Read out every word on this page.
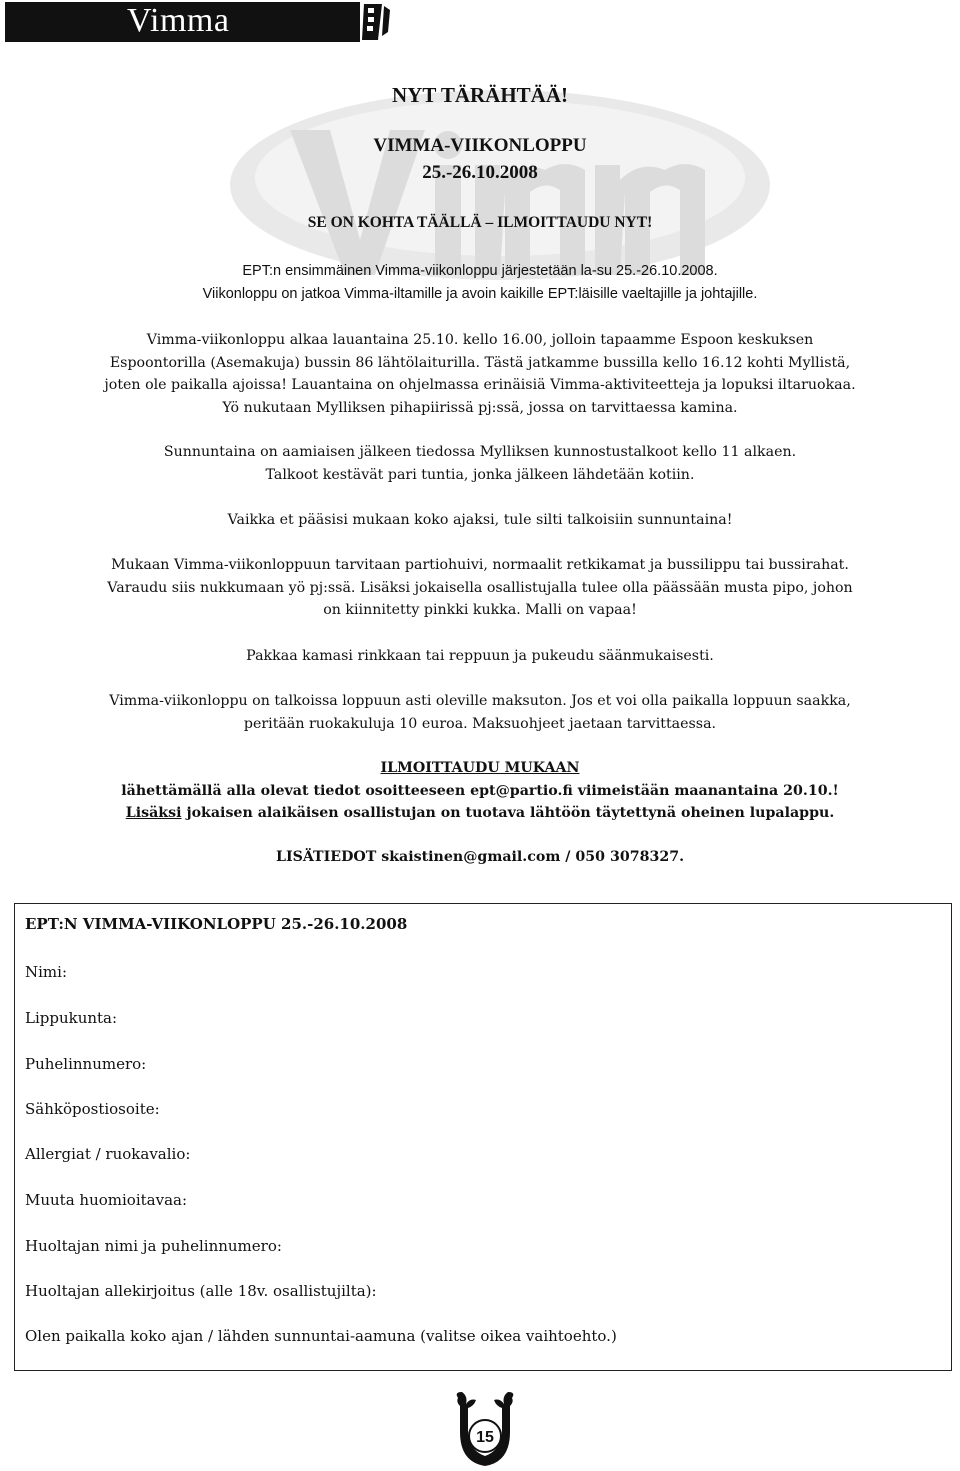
Vimma
NYT TÄRÄHTÄÄ!
VIMMA-VIIKONLOPPU
25.-26.10.2008
SE ON KOHTA TÄÄLLÄ – ILMOITTAUDU NYT!
EPT:n ensimmäinen Vimma-viikonloppu järjestetään la-su 25.-26.10.2008.
Viikonloppu on jatkoa Vimma-iltamille ja avoin kaikille EPT:läisille vaeltajille ja johtajille.
Vimma-viikonloppu alkaa lauantaina 25.10. kello 16.00, jolloin tapaamme Espoon keskuksen
Espoontorilla (Asemakuja) bussin 86 lähtölaiturilla. Tästä jatkamme bussilla kello 16.12 kohti Myllistä,
joten ole paikalla ajoissa! Lauantaina on ohjelmassa erinäisiä Vimma-aktiviteetteja ja lopuksi iltaruokaa.
Yö nukutaan Mylliksen pihapiirissä pj:ssä, jossa on tarvittaessa kamina.
Sunnuntaina on aamiaisen jälkeen tiedossa Mylliksen kunnostustalkoot kello 11 alkaen.
Talkoot kestävät pari tuntia, jonka jälkeen lähdetään kotiin.
Vaikka et pääsisi mukaan koko ajaksi, tule silti talkoisiin sunnuntaina!
Mukaan Vimma-viikonloppuun tarvitaan partiohuivi, normaalit retkikamat ja bussilippu tai bussirahat.
Varaudu siis nukkumaan yö pj:ssä. Lisäksi jokaisella osallistujalla tulee olla päässään musta pipo, johon
on kiinnitetty pinkki kukka. Malli on vapaa!
Pakkaa kamasi rinkkaan tai reppuun ja pukeudu säänmukaisesti.
Vimma-viikonloppu on talkoissa loppuun asti oleville maksuton. Jos et voi olla paikalla loppuun saakka,
peritään ruokakuluja 10 euroa. Maksuohjeet jaetaan tarvittaessa.
ILMOITTAUDU MUKAAN
lähettämällä alla olevat tiedot osoitteeseen ept@partio.fi viimeistään maanantaina 20.10.!
Lisäksi jokaisen alaikäisen osallistujan on tuotava lähtöön täytettynä oheinen lupalappu.
LISÄTIEDOT skaistinen@gmail.com / 050 3078327.
EPT:N VIMMA-VIIKONLOPPU 25.-26.10.2008
Nimi:
Lippukunta:
Puhelinnumero:
Sähköpostiosoite:
Allergiat / ruokavalio:
Muuta huomioitavaa:
Huoltajan nimi ja puhelinnumero:
Huoltajan allekirjoitus (alle 18v. osallistujilta):
Olen paikalla koko ajan / lähden sunnuntai-aamuna (valitse oikea vaihtoehto.)
15
